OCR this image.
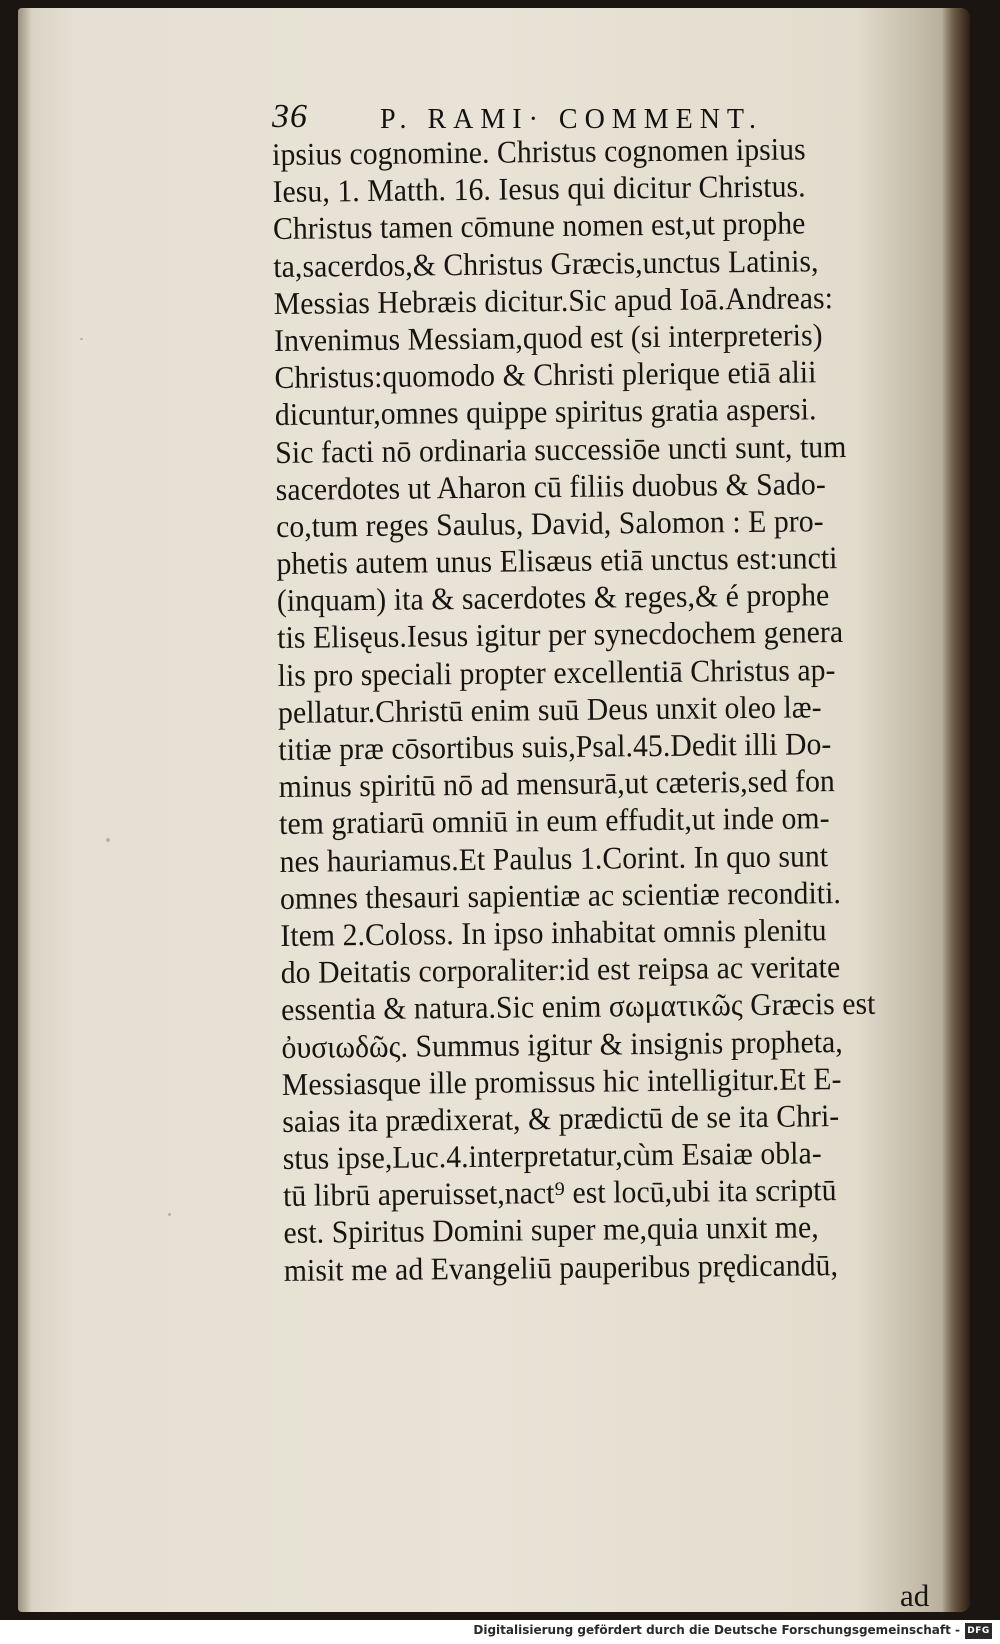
36	P. RAMI· COMMENT.
ipsius cognomine. Christus cognomen ipsius
Iesu, 1. Matth. 16. Iesus qui dicitur Christus.
Christus tamen cōmune nomen est,ut prophe
ta,sacerdos,& Christus Græcis,unctus Latinis,
Messias Hebræis dicitur.Sic apud Ioā.Andreas:
Invenimus Messiam,quod est (si interpreteris)
Christus:quomodo & Christi plerique etiā alii
dicuntur,omnes quippe spiritus gratia aspersi.
Sic facti nō ordinaria successiōe uncti sunt, tum
sacerdotes ut Aharon cū filiis duobus & Sado-
co,tum reges Saulus, David, Salomon : E pro-
phetis autem unus Elisæus etiā unctus est:uncti
(inquam) ita & sacerdotes & reges,& é prophe
tis Elisęus.Iesus igitur per synecdochem genera
lis pro speciali propter excellentiā Christus ap-
pellatur.Christū enim suū Deus unxit oleo læ-
titiæ præ cōsortibus suis,Psal.45.Dedit illi Do-
minus spiritū nō ad mensurā,ut cæteris,sed fon
tem gratiarū omniū in eum effudit,ut inde om-
nes hauriamus.Et Paulus 1.Corint. In quo sunt
omnes thesauri sapientiæ ac scientiæ reconditi.
Item 2.Coloss. In ipso inhabitat omnis plenitu
do Deitatis corporaliter:id est reipsa ac veritate
essentia & natura.Sic enim σωματικῶς Græcis est
ὀυσιωδῶς. Summus igitur & insignis propheta,
Messiasque ille promissus hic intelligitur.Et E-
saias ita prædixerat, & prædictū de se ita Chri-
stus ipse,Luc.4.interpretatur,cùm Esaiæ obla-
tū librū aperuisset,nact⁹ est locū,ubi ita scriptū
est. Spiritus Domini super me,quia unxit me,
misit me ad Evangeliū pauperibus prędicandū,
ad
Digitalisierung gefördert durch die Deutsche Forschungsgemeinschaft - DFG
